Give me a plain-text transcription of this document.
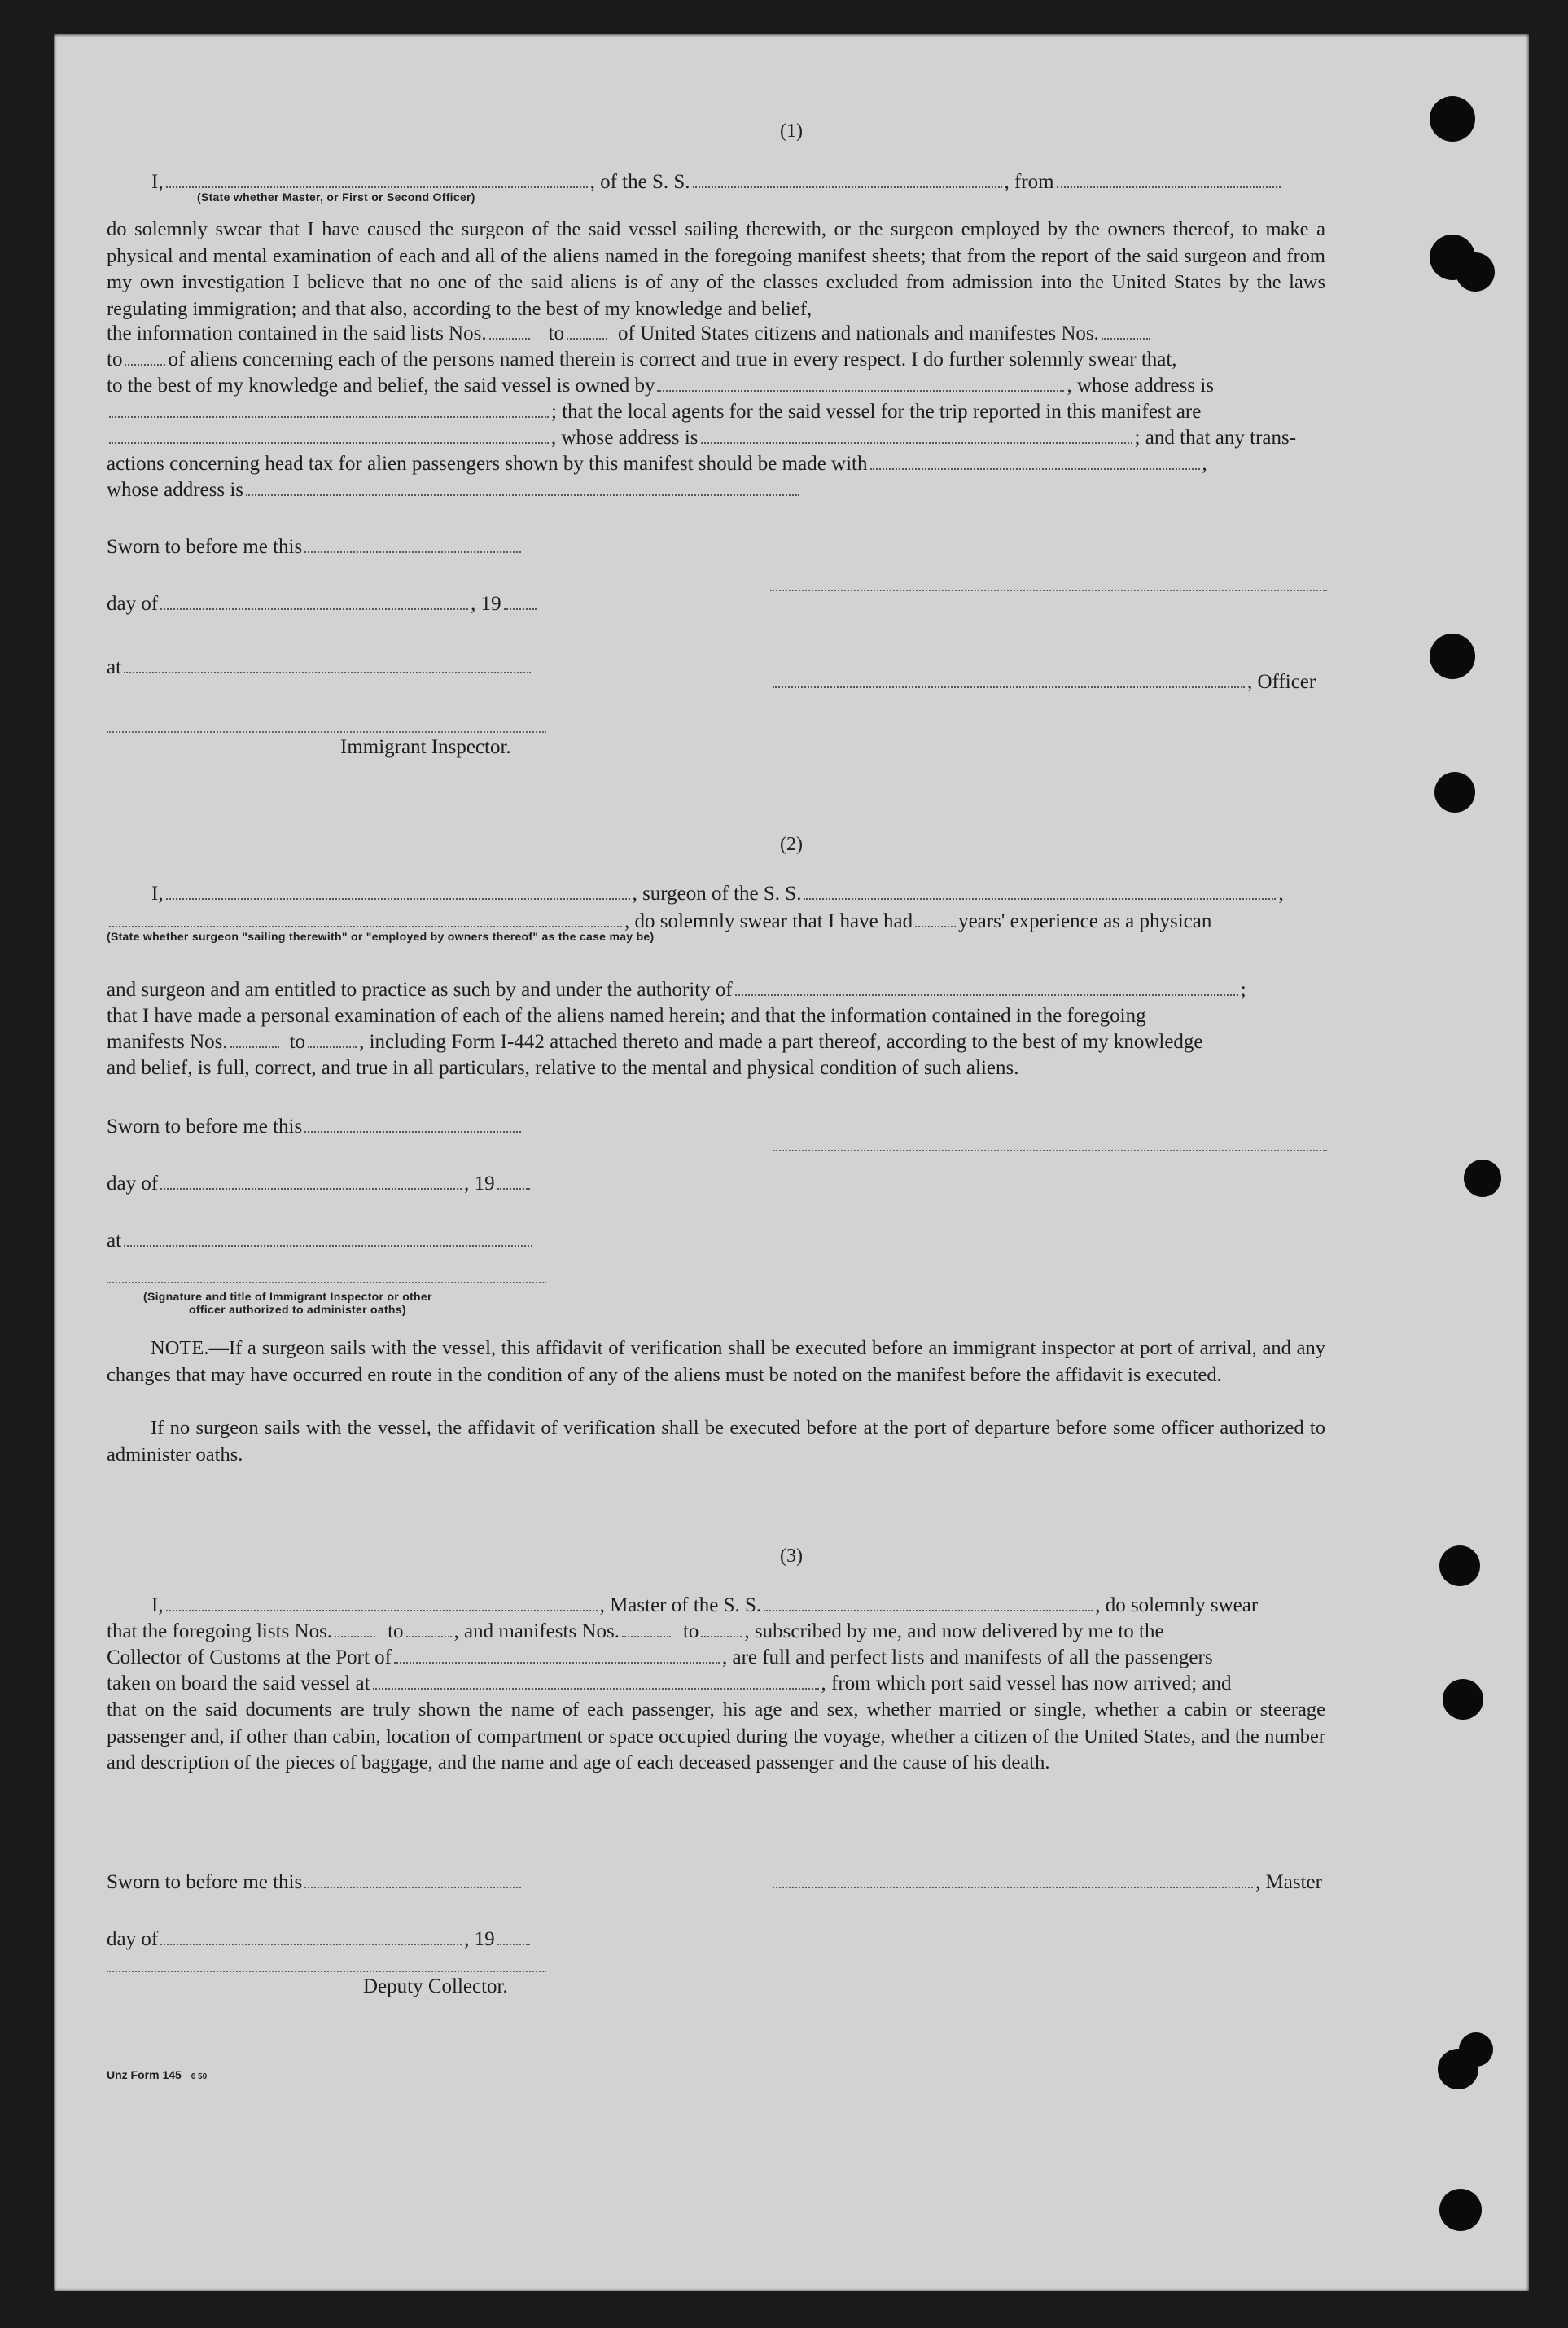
(1)
I,	, of the S. S.	, from
(State whether Master, or First or Second Officer)
do solemnly swear that I have caused the surgeon of the said vessel sailing therewith, or the surgeon employed by the owners thereof, to make a physical and mental examination of each and all of the aliens named in the foregoing manifest sheets; that from the report of the said surgeon and from my own investigation I believe that no one of the said aliens is of any of the classes excluded from admission into the United States by the laws regulating immigration; and that also, according to the best of my knowledge and belief,
the information contained in the said lists Nos.	to	of United States citizens and nationals and manifestes Nos.
to of aliens concerning each of the persons named therein is correct and true in every respect. I do further solemnly swear that,
to the best of my knowledge and belief, the said vessel is owned by	, whose address is
; that the local agents for the said vessel for the trip reported in this manifest are
, whose address is	; and that any trans-
actions concerning head tax for alien passengers shown by this manifest should be made with	,
whose address is
Sworn to before me this
day of	, 19
at
, Officer
Immigrant Inspector.
(2)
I,	, surgeon of the S. S.	,
, do solemnly swear that I have had years' experience as a physican
(State whether surgeon "sailing therewith" or "employed by owners thereof" as the case may be)
and surgeon and am entitled to practice as such by and under the authority of	;
that I have made a personal examination of each of the aliens named herein; and that the information contained in the foregoing
manifests Nos.	to	, including Form I-442 attached thereto and made a part thereof, according to the best of my knowledge
and belief, is full, correct, and true in all particulars, relative to the mental and physical condition of such aliens.
Sworn to before me this
day of	, 19
at
(Signature and title of Immigrant Inspector or other
officer authorized to administer oaths)
NOTE.—If a surgeon sails with the vessel, this affidavit of verification shall be executed before an immigrant inspector at port of arrival, and any changes that may have occurred en route in the condition of any of the aliens must be noted on the manifest before the affidavit is executed.
If no surgeon sails with the vessel, the affidavit of verification shall be executed before at the port of departure before some officer authorized to administer oaths.
(3)
I,	, Master of the S. S.	, do solemnly swear
that the foregoing lists Nos.	to , and manifests Nos.	to , subscribed by me, and now delivered by me to the
Collector of Customs at the Port of	, are full and perfect lists and manifests of all the passengers
taken on board the said vessel at	, from which port said vessel has now arrived; and
that on the said documents are truly shown the name of each passenger, his age and sex, whether married or single, whether a cabin or steerage passenger and, if other than cabin, location of compartment or space occupied during the voyage, whether a citizen of the United States, and the number and description of the pieces of baggage, and the name and age of each deceased passenger and the cause of his death.
Sworn to before me this	, Master
day of	, 19
Deputy Collector.
Unz Form 145 6 50
